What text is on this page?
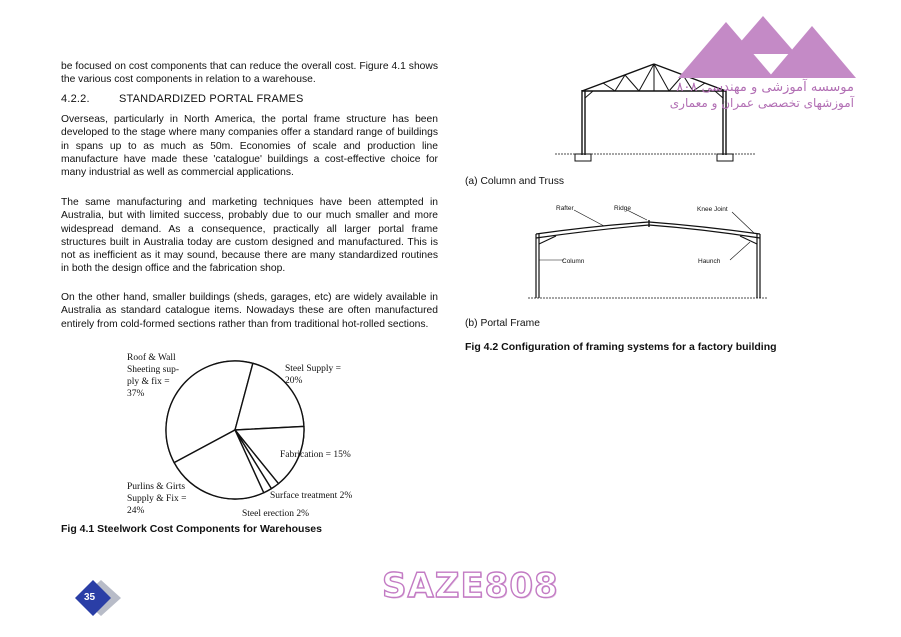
be focused on cost components that can reduce the overall cost. Figure 4.1 shows the various cost components in relation to a warehouse.

4.2.2.	STANDARDIZED PORTAL FRAMES

Overseas, particularly in North America, the portal frame structure has been developed to the stage where many companies offer a standard range of buildings in spans up to as much as 50m. Economies of scale and production line manufacture have made these 'catalogue' buildings a cost-effective choice for many industrial as well as commercial applications.

The same manufacturing and marketing techniques have been attempted in Australia, but with limited success, probably due to our much smaller and more widespread demand. As a consequence, practically all larger portal frame structures built in Australia today are custom designed and manufactured. This is not as inefficient as it may sound, because there are many standardized routines in both the design office and the fabrication shop.

On the other hand, smaller buildings (sheds, garages, etc) are widely available in Australia as standard catalogue items. Nowadays these are often manufactured entirely from cold-formed sections rather than from traditional hot-rolled sections.

Roof & Wall
Sheeting sup-
ply & fix =
37%
Steel Supply =
20%
Fabrication = 15%
Purlins & Girts
Supply & Fix =
24%
Surface treatment 2%
Steel erection 2%
Fig 4.1 Steelwork Cost Components for Warehouses
(a) Column and Truss
Rafter	Ridge	Knee Joint
Column	Haunch
(b) Portal Frame
Fig 4.2 Configuration of framing systems for a factory building
موسسه آموزشی و مهندسی ۸۰۸
آموزشهای تخصصی عمران و معماری
SAZE808
35
